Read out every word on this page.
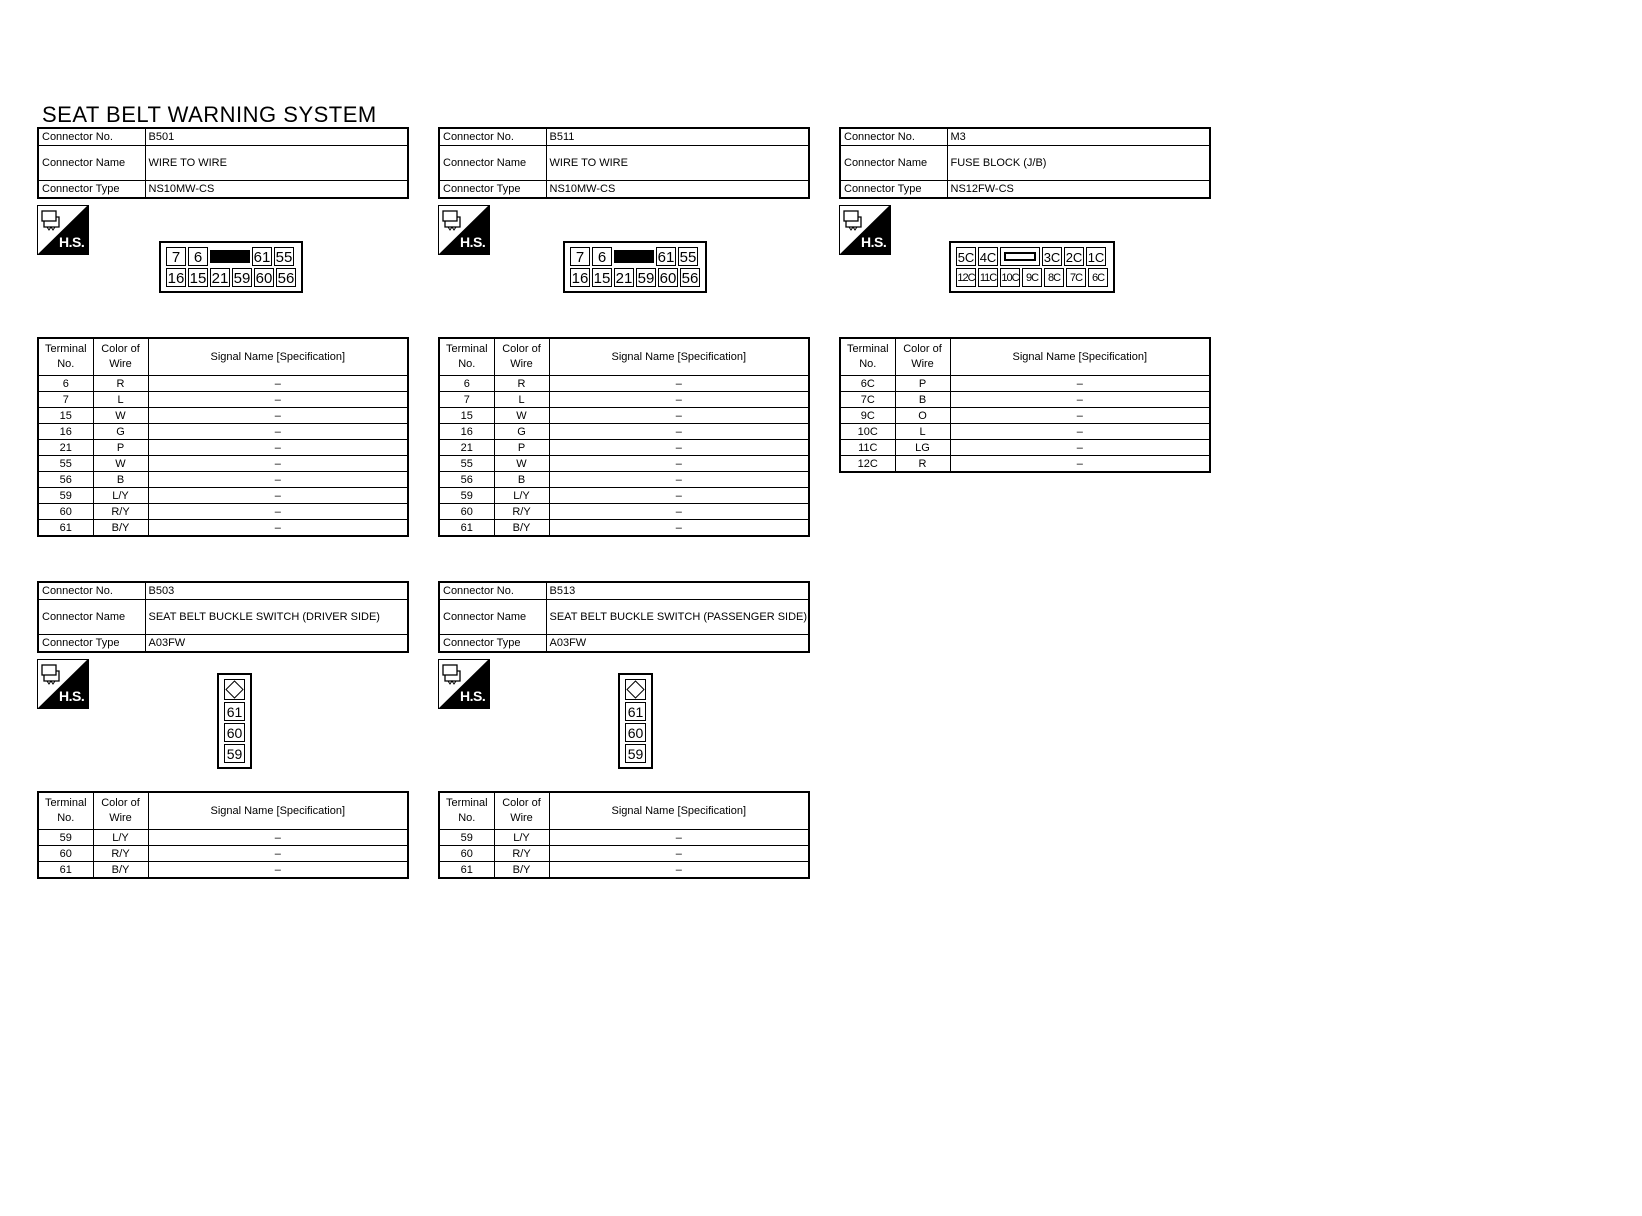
SEAT BELT WARNING SYSTEM
Connector No.	B501
Connector Name	WIRE TO WIRE
Connector Type	NS10MW-CS
H.S.
7 6	61 55
16 15 21 59 60 56
Terminal No.	Color of Wire	Signal Name [Specification]
6	R	–
7	L	–
15	W	–
16	G	–
21	P	–
55	W	–
56	B	–
59	L/Y	–
60	R/Y	–
61	B/Y	–
Connector No.	B511
Connector Name	WIRE TO WIRE
Connector Type	NS10MW-CS
H.S.
7 6	61 55
16 15 21 59 60 56
Terminal No.	Color of Wire	Signal Name [Specification]
6	R	–
7	L	–
15	W	–
16	G	–
21	P	–
55	W	–
56	B	–
59	L/Y	–
60	R/Y	–
61	B/Y	–
Connector No.	M3
Connector Name	FUSE BLOCK (J/B)
Connector Type	NS12FW-CS
H.S.
5C 4C	3C 2C 1C
12C 11C 10C 9C 8C 7C 6C
Terminal No.	Color of Wire	Signal Name [Specification]
6C	P	–
7C	B	–
9C	O	–
10C	L	–
11C	LG	–
12C	R	–
Connector No.	B503
Connector Name	SEAT BELT BUCKLE SWITCH (DRIVER SIDE)
Connector Type	A03FW
H.S.
61
60
59
Terminal No.	Color of Wire	Signal Name [Specification]
59	L/Y	–
60	R/Y	–
61	B/Y	–
Connector No.	B513
Connector Name	SEAT BELT BUCKLE SWITCH (PASSENGER SIDE)
Connector Type	A03FW
H.S.
61
60
59
Terminal No.	Color of Wire	Signal Name [Specification]
59	L/Y	–
60	R/Y	–
61	B/Y	–
